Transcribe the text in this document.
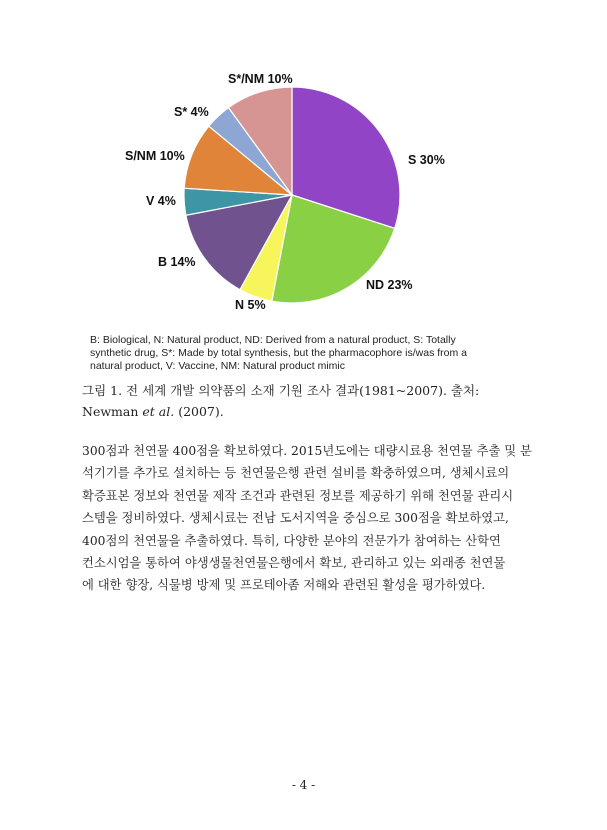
S 30%
ND 23%
N 5%
B 14%
V 4%
S/NM 10%
S* 4%
S*/NM 10%
B: Biological, N: Natural product, ND: Derived from a natural product, S: Totally
synthetic drug, S*: Made by total synthesis, but the pharmacophore is/was from a
natural product, V: Vaccine, NM: Natural product mimic
그림 1. 전 세계 개발 의약품의 소재 기원 조사 결과(1981~2007). 출처:
Newman et al. (2007).
300점과 천연물 400점을 확보하였다. 2015년도에는 대량시료용 천연물 추출 및 분
석기기를 추가로 설치하는 등 천연물은행 관련 설비를 확충하였으며, 생체시료의
확증표본 정보와 천연물 제작 조건과 관련된 정보를 제공하기 위해 천연물 관리시
스템을 정비하였다. 생체시료는 전남 도서지역을 중심으로 300점을 확보하였고,
400점의 천연물을 추출하였다. 특히, 다양한 분야의 전문가가 참여하는 산학연
컨소시엄을 통하여 야생생물천연물은행에서 확보, 관리하고 있는 외래종 천연물
에 대한 향장, 식물병 방제 및 프로테아좀 저해와 관련된 활성을 평가하였다.
- 4 -
